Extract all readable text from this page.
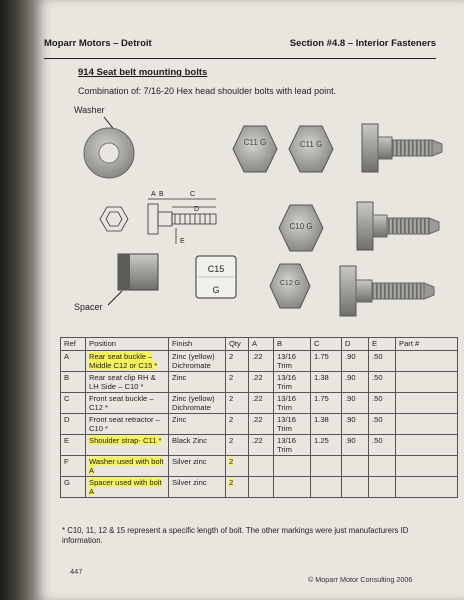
Moparr Motors – Detroit	Section #4.8 – Interior Fasteners
914 Seat belt mounting bolts
Combination of: 7/16-20 Hex head shoulder bolts with lead point.
Washer
Spacer
C11 G	C11 G
A B	C
D
E
C10 G
C15
G
C12 G
Ref	Position	Finish	Qty	A	B	C	D	E	Part #
A	Rear seat buckle – Middle C12 or C15 *	Zinc (yellow) Dichromate	2	.22	13/16 Trim	1.75	.90	.50	
B	Rear seat clip RH & LH Side – C10 *	Zinc	2	.22	13/16 Trim	1.38	.90	.50	
C	Front seat buckle – C12 *	Zinc (yellow) Dichromate	2	.22	13/16 Trim	1.75	.90	.50	
D	Front seat retractor – C10 *	Zinc	2	.22	13/16 Trim	1.38	.90	.50	
E	Shoulder strap- C11 *	Black Zinc	2	.22	13/16 Trim	1.25	.90	.50	
F	Washer used with bolt A	Silver zinc	2						
G	Spacer used with bolt A	Silver zinc	2						
* C10, 11, 12 & 15 represent a specific length of bolt. The other markings were just manufacturers ID information.
447
© Moparr Motor Consulting 2006
